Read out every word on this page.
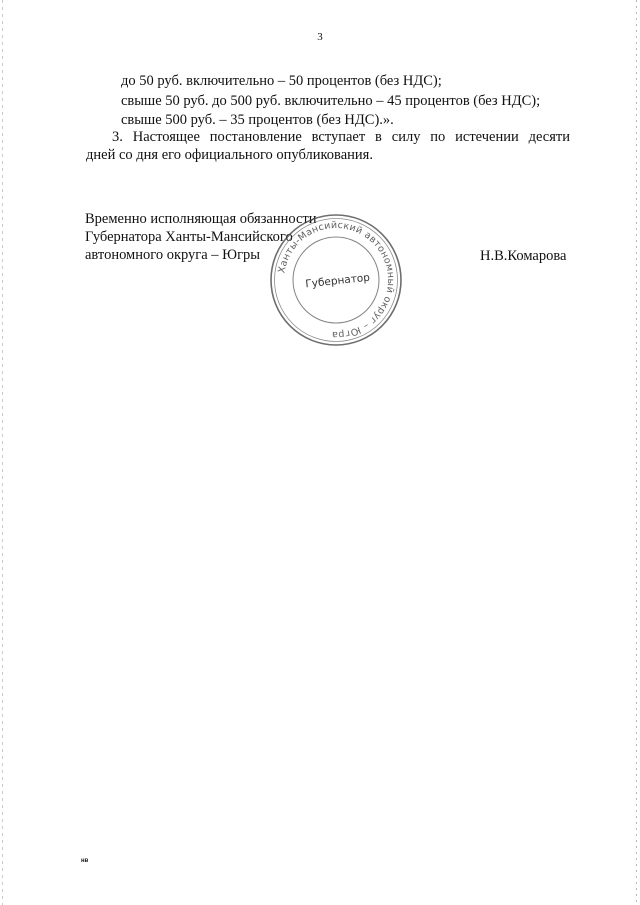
3
до 50 руб. включительно – 50 процентов (без НДС);
свыше 50 руб. до 500 руб. включительно – 45 процентов (без НДС);
свыше 500 руб. – 35 процентов (без НДС).».
3. Настоящее постановление вступает в силу по истечении десяти
дней со дня его официального опубликования.
Временно исполняющая обязанности
Губернатора Ханты-Мансийского
автономного округа – Югры	Н.В.Комарова
Ханты-Мансийский автономный округ – Югра
Губернатор
нв
